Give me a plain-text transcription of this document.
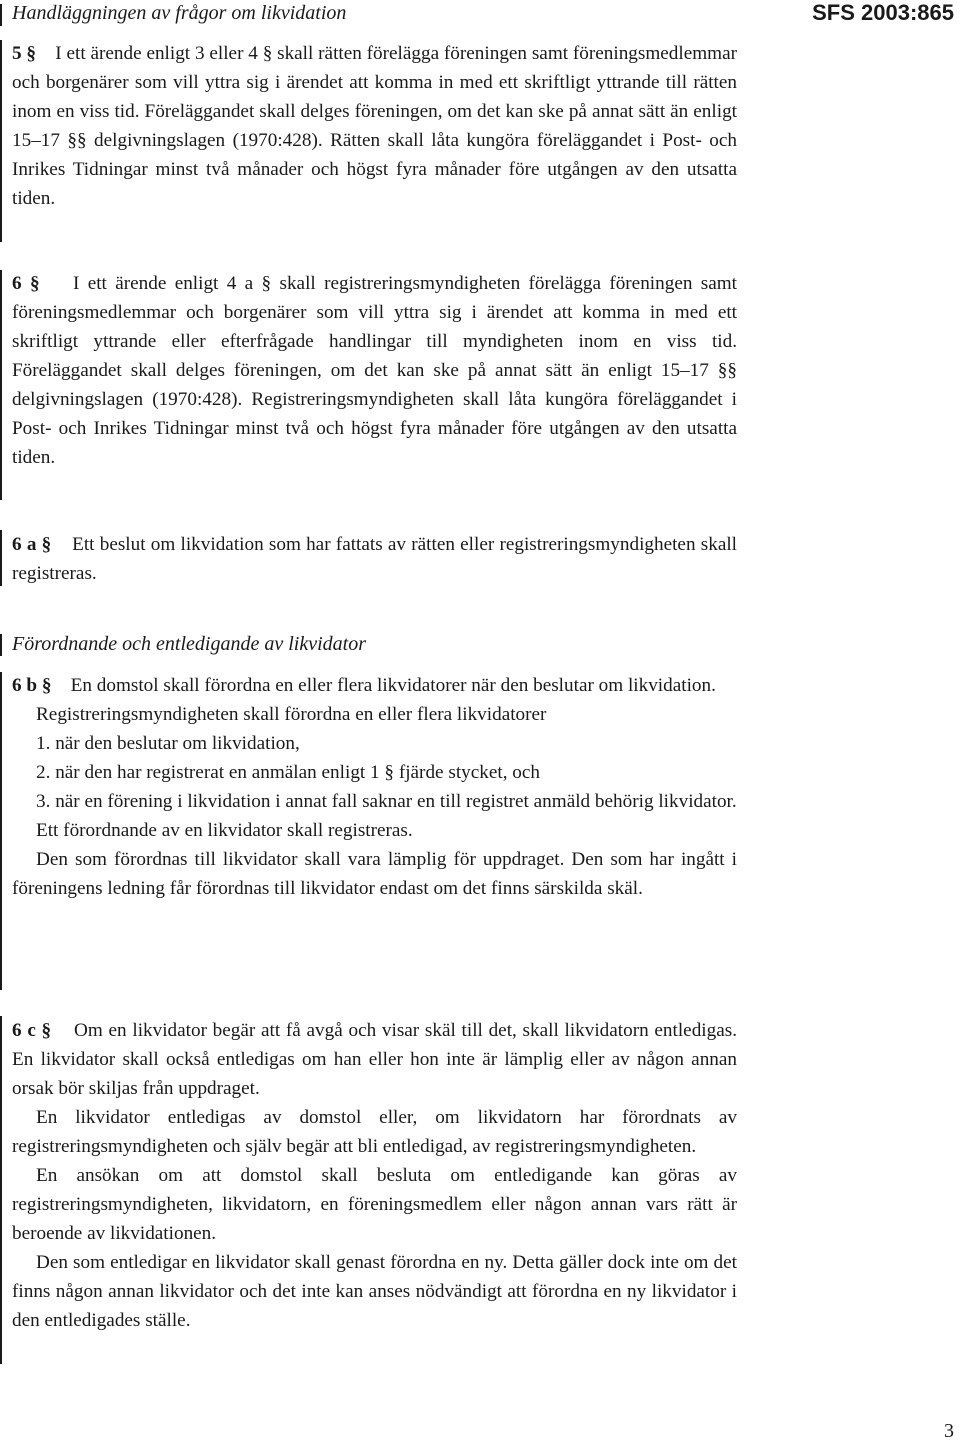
Handläggningen av frågor om likvidation	SFS 2003:865

5 § I ett ärende enligt 3 eller 4 § skall rätten förelägga föreningen samt föreningsmedlemmar och borgenärer som vill yttra sig i ärendet att komma in med ett skriftligt yttrande till rätten inom en viss tid. Föreläggandet skall delges föreningen, om det kan ske på annat sätt än enligt 15–17 §§ delgivningslagen (1970:428). Rätten skall låta kungöra föreläggandet i Post- och Inrikes Tidningar minst två månader och högst fyra månader före utgången av den utsatta tiden.

6 § I ett ärende enligt 4 a § skall registreringsmyndigheten förelägga föreningen samt föreningsmedlemmar och borgenärer som vill yttra sig i ärendet att komma in med ett skriftligt yttrande eller efterfrågade handlingar till myndigheten inom en viss tid. Föreläggandet skall delges föreningen, om det kan ske på annat sätt än enligt 15–17 §§ delgivningslagen (1970:428). Registreringsmyndigheten skall låta kungöra föreläggandet i Post- och Inrikes Tidningar minst två och högst fyra månader före utgången av den utsatta tiden.

6 a § Ett beslut om likvidation som har fattats av rätten eller registreringsmyndigheten skall registreras.

Förordnande och entledigande av likvidator

6 b § En domstol skall förordna en eller flera likvidatorer när den beslutar om likvidation.

Registreringsmyndigheten skall förordna en eller flera likvidatorer

1. när den beslutar om likvidation,

2. när den har registrerat en anmälan enligt 1 § fjärde stycket, och

3. när en förening i likvidation i annat fall saknar en till registret anmäld behörig likvidator.

Ett förordnande av en likvidator skall registreras.

Den som förordnas till likvidator skall vara lämplig för uppdraget. Den som har ingått i föreningens ledning får förordnas till likvidator endast om det finns särskilda skäl.

6 c § Om en likvidator begär att få avgå och visar skäl till det, skall likvidatorn entledigas. En likvidator skall också entledigas om han eller hon inte är lämplig eller av någon annan orsak bör skiljas från uppdraget.

En likvidator entledigas av domstol eller, om likvidatorn har förordnats av registreringsmyndigheten och själv begär att bli entledigad, av registreringsmyndigheten.

En ansökan om att domstol skall besluta om entledigande kan göras av registreringsmyndigheten, likvidatorn, en föreningsmedlem eller någon annan vars rätt är beroende av likvidationen.

Den som entledigar en likvidator skall genast förordna en ny. Detta gäller dock inte om det finns någon annan likvidator och det inte kan anses nödvändigt att förordna en ny likvidator i den entledigades ställe.

3
